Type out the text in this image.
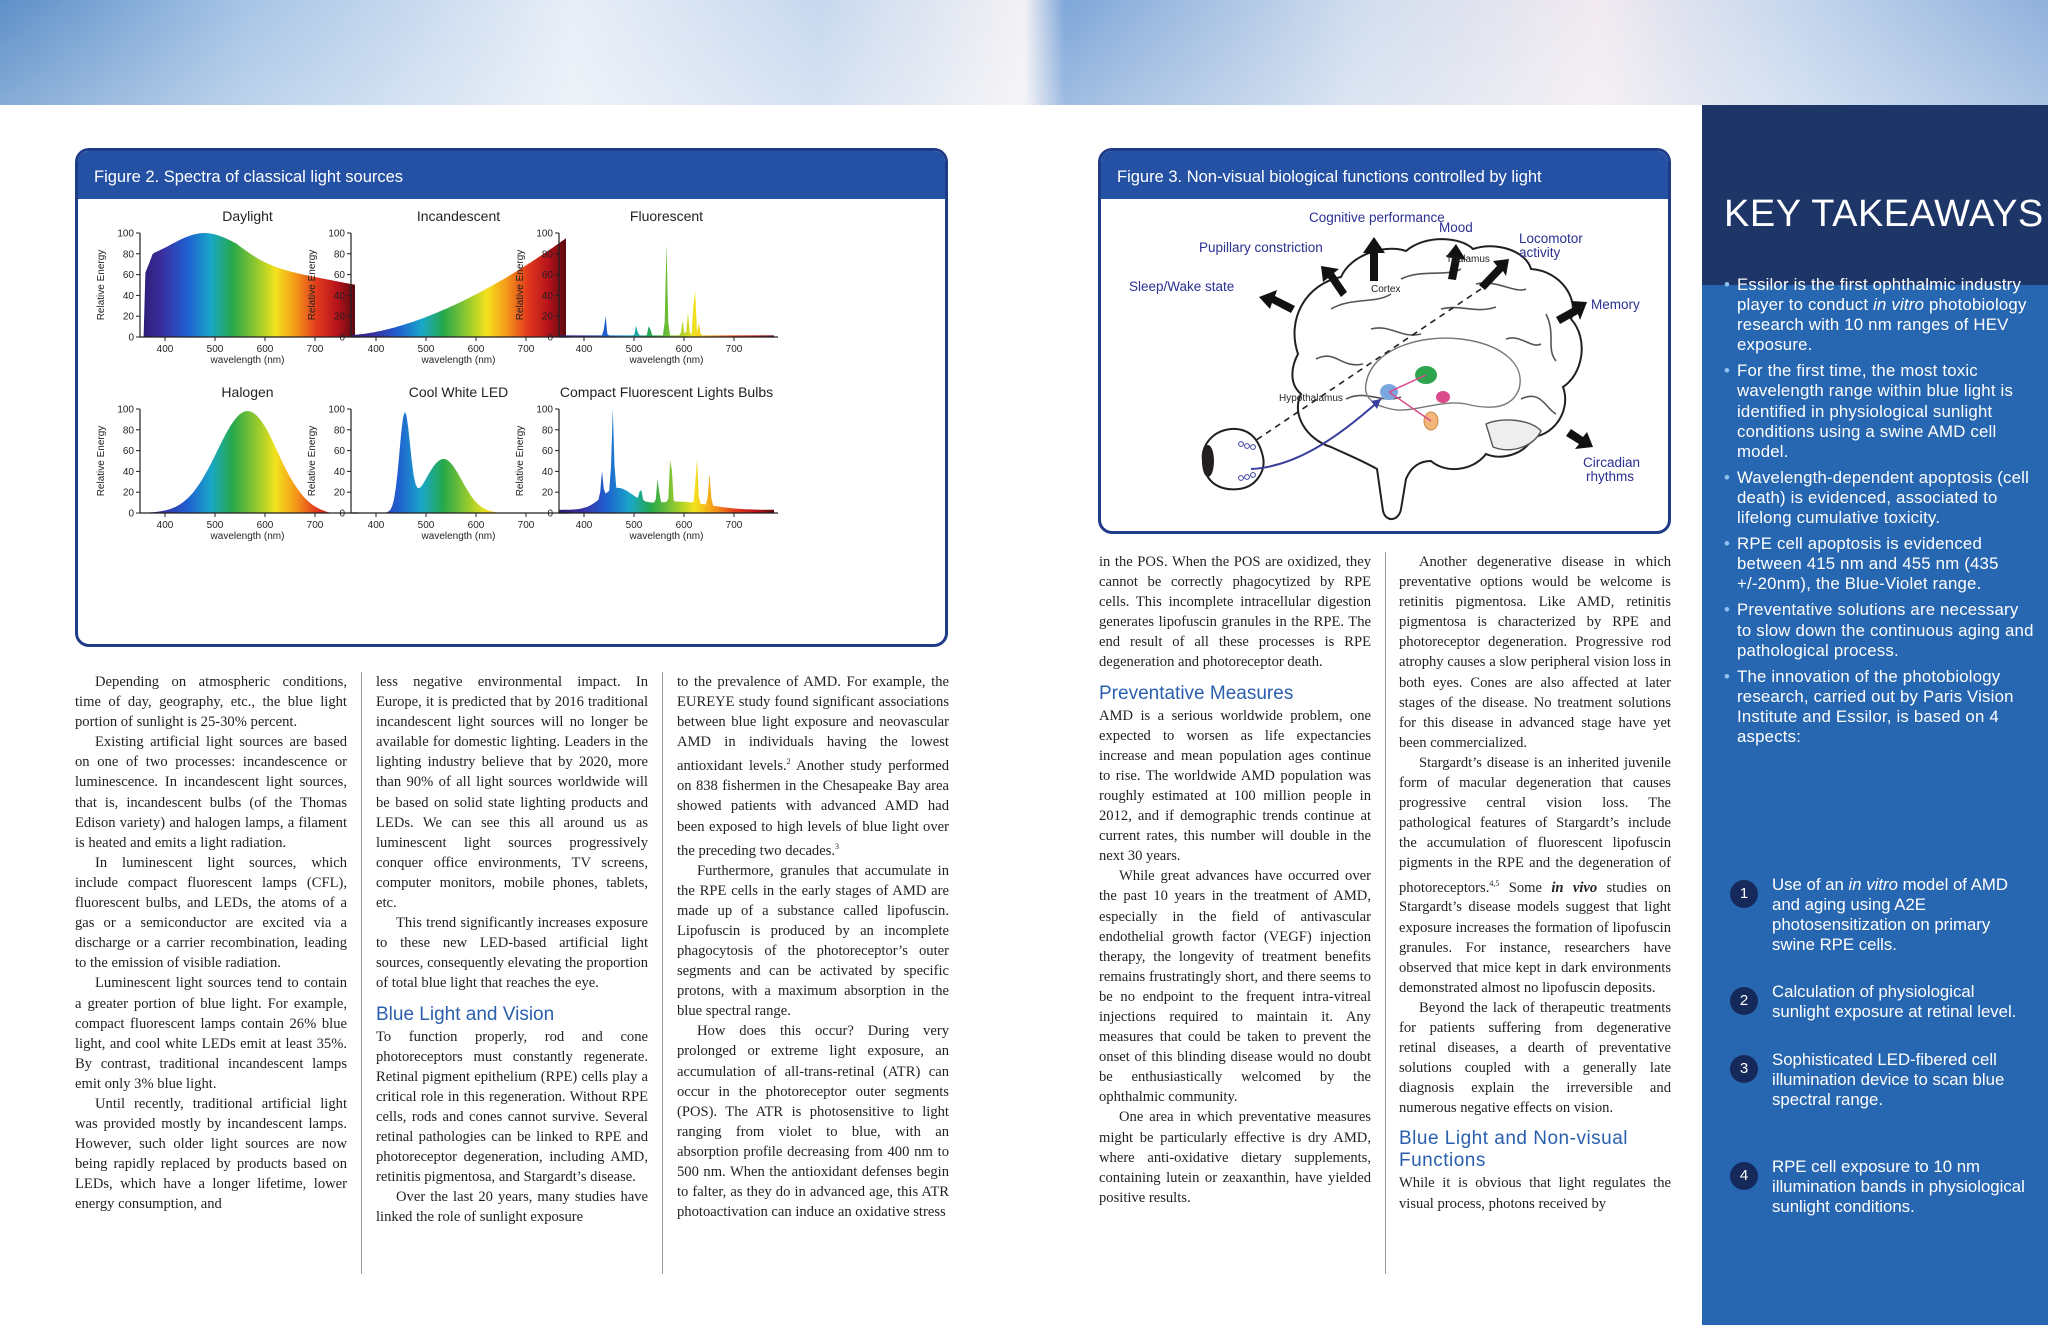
Figure 2. Spectra of classical light sources
Daylight
100
80
60
40
20
0
400	500	600	700
wavelength (nm)
Relative Energy
Incandescent
100
80
60
40
20
0
400	500	600	700
wavelength (nm)
Relative Energy
Fluorescent
100
80
60
40
20
0
400	500	600	700
wavelength (nm)
Relative Energy
Halogen
100
80
60
40
20
0
400	500	600	700
wavelength (nm)
Relative Energy
Cool White LED
100
80
60
40
20
0
400	500	600	700
wavelength (nm)
Relative Energy
Compact Fluorescent Lights Bulbs
100
80
60
40
20
0
400	500	600	700
wavelength (nm)
Relative Energy
Figure 3. Non-visual biological functions controlled by light
Cognitive performance
Mood
Locomotor
activity
Pupillary constriction
Thalamus
Cortex
Sleep/Wake state
Memory
Hypothalamus
Circadian
rhythms

Depending on atmospheric conditions, time of day, geography, etc., the blue light portion of sunlight is 25-30% percent.

Existing artificial light sources are based on one of two processes: incandescence or luminescence. In incandescent light sources, that is, incandescent bulbs (of the Thomas Edison variety) and halogen lamps, a filament is heated and emits a light radiation.

In luminescent light sources, which include compact fluorescent lamps (CFL), fluorescent bulbs, and LEDs, the atoms of a gas or a semiconductor are excited via a discharge or a carrier recombination, leading to the emission of visible radiation.

Luminescent light sources tend to contain a greater portion of blue light. For example, compact fluorescent lamps contain 26% blue light, and cool white LEDs emit at least 35%. By contrast, traditional incandescent lamps emit only 3% blue light.

Until recently, traditional artificial light was provided mostly by incandescent lamps. However, such older light sources are now being rapidly replaced by products based on LEDs, which have a longer lifetime, lower energy consumption, and

less negative environmental impact. In Europe, it is predicted that by 2016 traditional incandescent light sources will no longer be available for domestic lighting. Leaders in the lighting industry believe that by 2020, more than 90% of all light sources worldwide will be based on solid state lighting products and LEDs. We can see this all around us as luminescent light sources progressively conquer office environments, TV screens, computer monitors, mobile phones, tablets, etc.

This trend significantly increases exposure to these new LED-based artificial light sources, consequently elevating the proportion of total blue light that reaches the eye.

Blue Light and Vision

To function properly, rod and cone photoreceptors must constantly regenerate. Retinal pigment epithelium (RPE) cells play a critical role in this regeneration. Without RPE cells, rods and cones cannot survive. Several retinal pathologies can be linked to RPE and photoreceptor degeneration, including AMD, retinitis pigmentosa, and Stargardt’s disease.

Over the last 20 years, many studies have linked the role of sunlight exposure

to the prevalence of AMD. For example, the EUREYE study found significant associations between blue light exposure and neovascular AMD in individuals having the lowest antioxidant levels.$^2$ Another study performed on 838 fishermen in the Chesapeake Bay area showed patients with advanced AMD had been exposed to high levels of blue light over the preceding two decades.$^3$

Furthermore, granules that accumulate in the RPE cells in the early stages of AMD are made up of a substance called lipofuscin. Lipofuscin is produced by an incomplete phagocytosis of the photoreceptor’s outer segments and can be activated by specific protons, with a maximum absorption in the blue spectral range.

How does this occur? During very prolonged or extreme light exposure, an accumulation of all-trans-retinal (ATR) can occur in the photoreceptor outer segments (POS). The ATR is photosensitive to light ranging from violet to blue, with an absorption profile decreasing from 400 nm to 500 nm. When the antioxidant defenses begin to falter, as they do in advanced age, this ATR photoactivation can induce an oxidative stress

in the POS. When the POS are oxidized, they cannot be correctly phagocytized by RPE cells. This incomplete intracellular digestion generates lipofuscin granules in the RPE. The end result of all these processes is RPE degeneration and photoreceptor death.

Preventative Measures

AMD is a serious worldwide problem, one expected to worsen as life expectancies increase and mean population ages continue to rise. The worldwide AMD population was roughly estimated at 100 million people in 2012, and if demographic trends continue at current rates, this number will double in the next 30 years.

While great advances have occurred over the past 10 years in the treatment of AMD, especially in the field of antivascular endothelial growth factor (VEGF) injection therapy, the longevity of treatment benefits remains frustratingly short, and there seems to be no endpoint to the frequent intra-vitreal injections required to maintain it. Any measures that could be taken to prevent the onset of this blinding disease would no doubt be enthusiastically welcomed by the ophthalmic community.

One area in which preventative measures might be particularly effective is dry AMD, where anti-oxidative dietary supplements, containing lutein or zeaxanthin, have yielded positive results.

Another degenerative disease in which preventative options would be welcome is retinitis pigmentosa. Like AMD, retinitis pigmentosa is characterized by RPE and photoreceptor degeneration. Progressive rod atrophy causes a slow peripheral vision loss in both eyes. Cones are also affected at later stages of the disease. No treatment solutions for this disease in advanced stage have yet been commercialized.

Stargardt’s disease is an inherited juvenile form of macular degeneration that causes progressive central vision loss. The pathological features of Stargardt’s include the accumulation of fluorescent lipofuscin pigments in the RPE and the degeneration of photoreceptors.$^{4,5}$ Some in vivo studies on Stargardt’s disease models suggest that light exposure increases the formation of lipofuscin granules. For instance, researchers have observed that mice kept in dark environments demonstrated almost no lipofuscin deposits.

Beyond the lack of therapeutic treatments for patients suffering from degenerative retinal diseases, a dearth of preventative solutions coupled with a generally late diagnosis explain the irreversible and numerous negative effects on vision.

Blue Light and Non-visual Functions

While it is obvious that light regulates the visual process, photons received by

KEY TAKEAWAYS
• Essilor is the first ophthalmic industry player to conduct in vitro photobiology research with 10 nm ranges of HEV exposure.
• For the first time, the most toxic wavelength range within blue light is identified in physiological sunlight conditions using a swine AMD cell model.
• Wavelength-dependent apoptosis (cell death) is evidenced, associated to lifelong cumulative toxicity.
• RPE cell apoptosis is evidenced between 415 nm and 455 nm (435 +/-20nm), the Blue-Violet range.
• Preventative solutions are necessary to slow down the continuous aging and pathological process.
• The innovation of the photobiology research, carried out by Paris Vision Institute and Essilor, is based on 4 aspects:
1	Use of an in vitro model of AMD and aging using A2E photosensitization on primary swine RPE cells.
2	Calculation of physiological sunlight exposure at retinal level.
3	Sophisticated LED-fibered cell illumination device to scan blue spectral range.
4	RPE cell exposure to 10 nm illumination bands in physiological sunlight conditions.
